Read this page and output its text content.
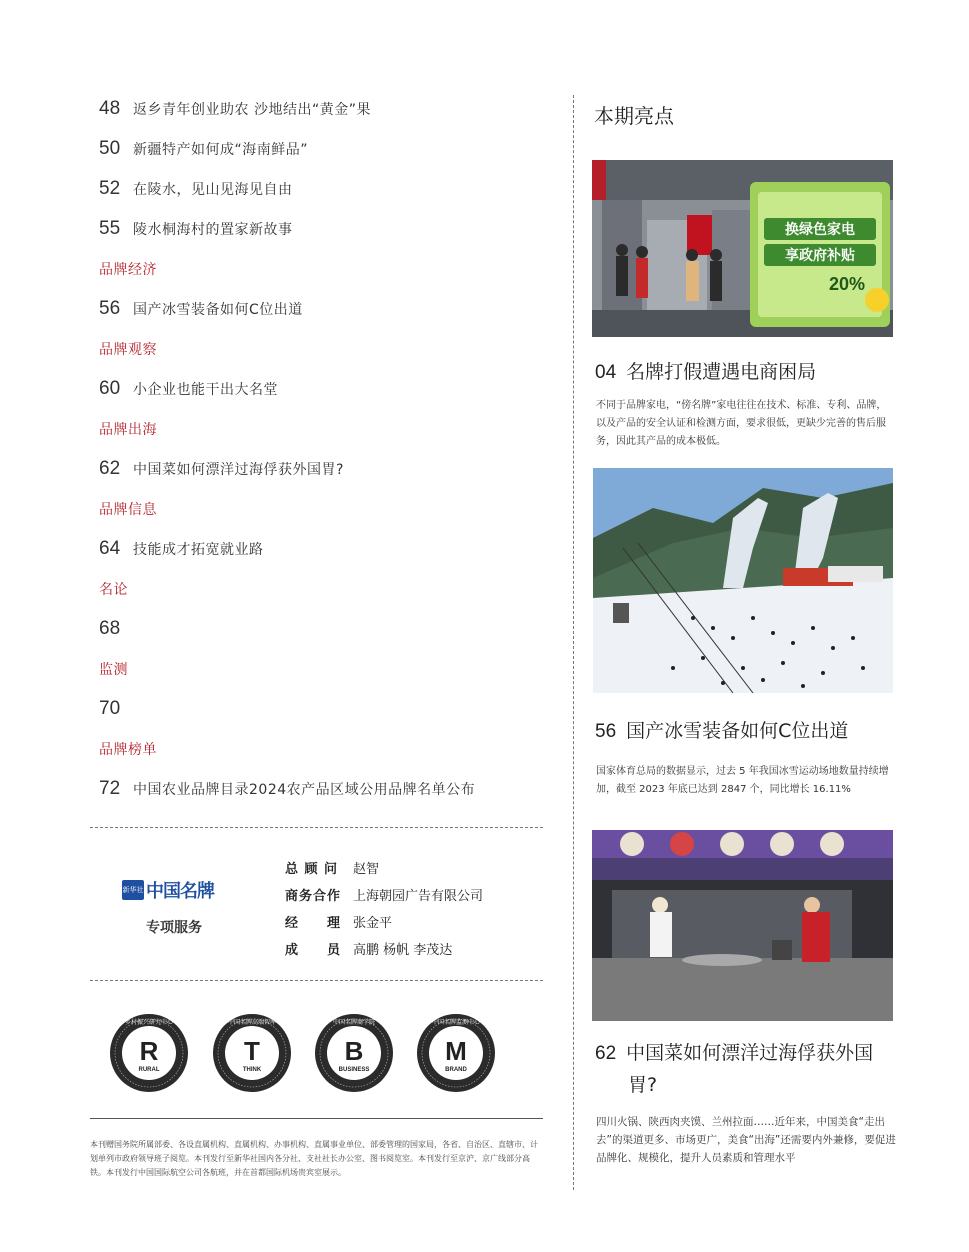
48 返乡青年创业助农 沙地结出“黄金”果
50 新疆特产如何成“海南鲜品”
52 在陵水，见山见海见自由
55 陵水桐海村的置家新故事
品牌经济
56 国产冰雪装备如何C位出道
品牌观察
60 小企业也能干出大名堂
品牌出海
62 中国菜如何漂洋过海俘获外国胃?
品牌信息
64 技能成才拓宽就业路
名论
68
监测
70
品牌榜单
72 中国农业品牌目录2024农产品区域公用品牌名单公布
新华社 中国名牌
专项服务
总 顾 问	赵智
商务合作 上海朝园广告有限公司
经　　理 张金平
成　　员 高鹏 杨帆 李茂达
R
RURAL
乡村振兴研究中心
T
THINK
中国名牌高端智库
B
BUSINESS
中国名牌商学院
M
BRAND
中国名牌监测中心
本刊赠国务院所属部委、各设直属机构、直属机构、办事机构、直属事业单位、部委管理的国家局，各省、自治区、直辖市、计划单列市政府领导班子阅览。本刊发行至新华社国内各分社、支社社长办公室、图书阅览室。本刊发行至京沪、京广线部分高铁。本刊发行中国国际航空公司各航班，并在首都国际机场贵宾室展示。
本期亮点
换绿色家电
享政府补贴
20%
04 名牌打假遭遇电商困局
不同于品牌家电，“傍名牌”家电往往在技术、标准、专利、品牌，以及产品的安全认证和检测方面，要求很低，更缺少完善的售后服务，因此其产品的成本极低。
56 国产冰雪装备如何C位出道
国家体育总局的数据显示，过去 5 年我国冰雪运动场地数量持续增加，截至 2023 年底已达到 2847 个，同比增长 16.11%
62 中国菜如何漂洋过海俘获外国
胃?
四川火锅、陕西肉夹馍、兰州拉面……近年来，中国美食“走出去”的渠道更多、市场更广，美食“出海”还需要内外兼修，要促进品牌化、规模化，提升人员素质和管理水平
